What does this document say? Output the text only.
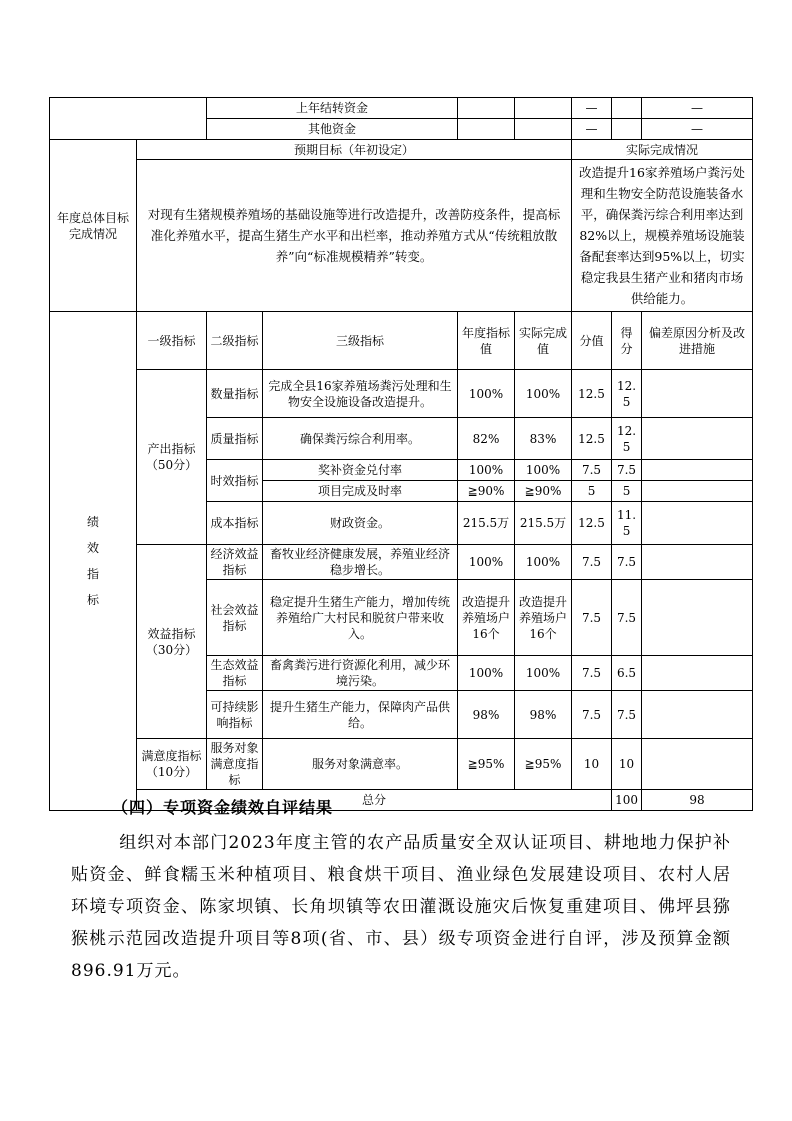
		上年结转资金				—		—	
		其他资金				—		—	
年度总体目标完成情况	预期目标（年初设定）					实际完成情况			
	对现有生猪规模养殖场的基础设施等进行改造提升，改善防疫条件，提高标准化养殖水平，提高生猪生产水平和出栏率，推动养殖方式从“传统粗放散养”向“标准规模精养”转变。					改造提升16家养殖场户粪污处理和生物安全防范设施装备水平，确保粪污综合利用率达到82%以上，规模养殖场设施装备配套率达到95%以上，切实稳定我县生猪产业和猪肉市场供给能力。			
绩效指标	一级指标	二级指标	三级指标	年度指标值	实际完成值	分值	得分	偏差原因分析及改进措施	
	产出指标（50分）	数量指标	完成全县16家养殖场粪污处理和生物安全设施设备改造提升。	100%	100%	12.5	12.5		
		质量指标	确保粪污综合利用率。	82%	83%	12.5	12.5		
		时效指标	奖补资金兑付率	100%	100%	7.5	7.5		
			项目完成及时率	≧90%	≧90%	5	5		
		成本指标	财政资金。	215.5万	215.5万	12.5	11.5		
	效益指标（30分）	经济效益指标	畜牧业经济健康发展，养殖业经济稳步增长。	100%	100%	7.5	7.5		
		社会效益指标	稳定提升生猪生产能力，增加传统养殖给广大村民和脱贫户带来收入。	改造提升养殖场户16个	改造提升养殖场户16个	7.5	7.5		
		生态效益指标	畜禽粪污进行资源化利用，减少环境污染。	100%	100%	7.5	6.5		
		可持续影响指标	提升生猪生产能力，保障肉产品供给。	98%	98%	7.5	7.5		
	满意度指标（10分）	服务对象满意度指标	服务对象满意率。	≧95%	≧95%	10	10		
	总分						100	98	
（四）专项资金绩效自评结果
组织对本部门2023年度主管的农产品质量安全双认证项目、耕地地力保护补贴资金、鲜食糯玉米种植项目、粮食烘干项目、渔业绿色发展建设项目、农村人居环境专项资金、陈家坝镇、长角坝镇等农田灌溉设施灾后恢复重建项目、佛坪县猕猴桃示范园改造提升项目等8项(省、市、县）级专项资金进行自评，涉及预算金额896.91万元。
